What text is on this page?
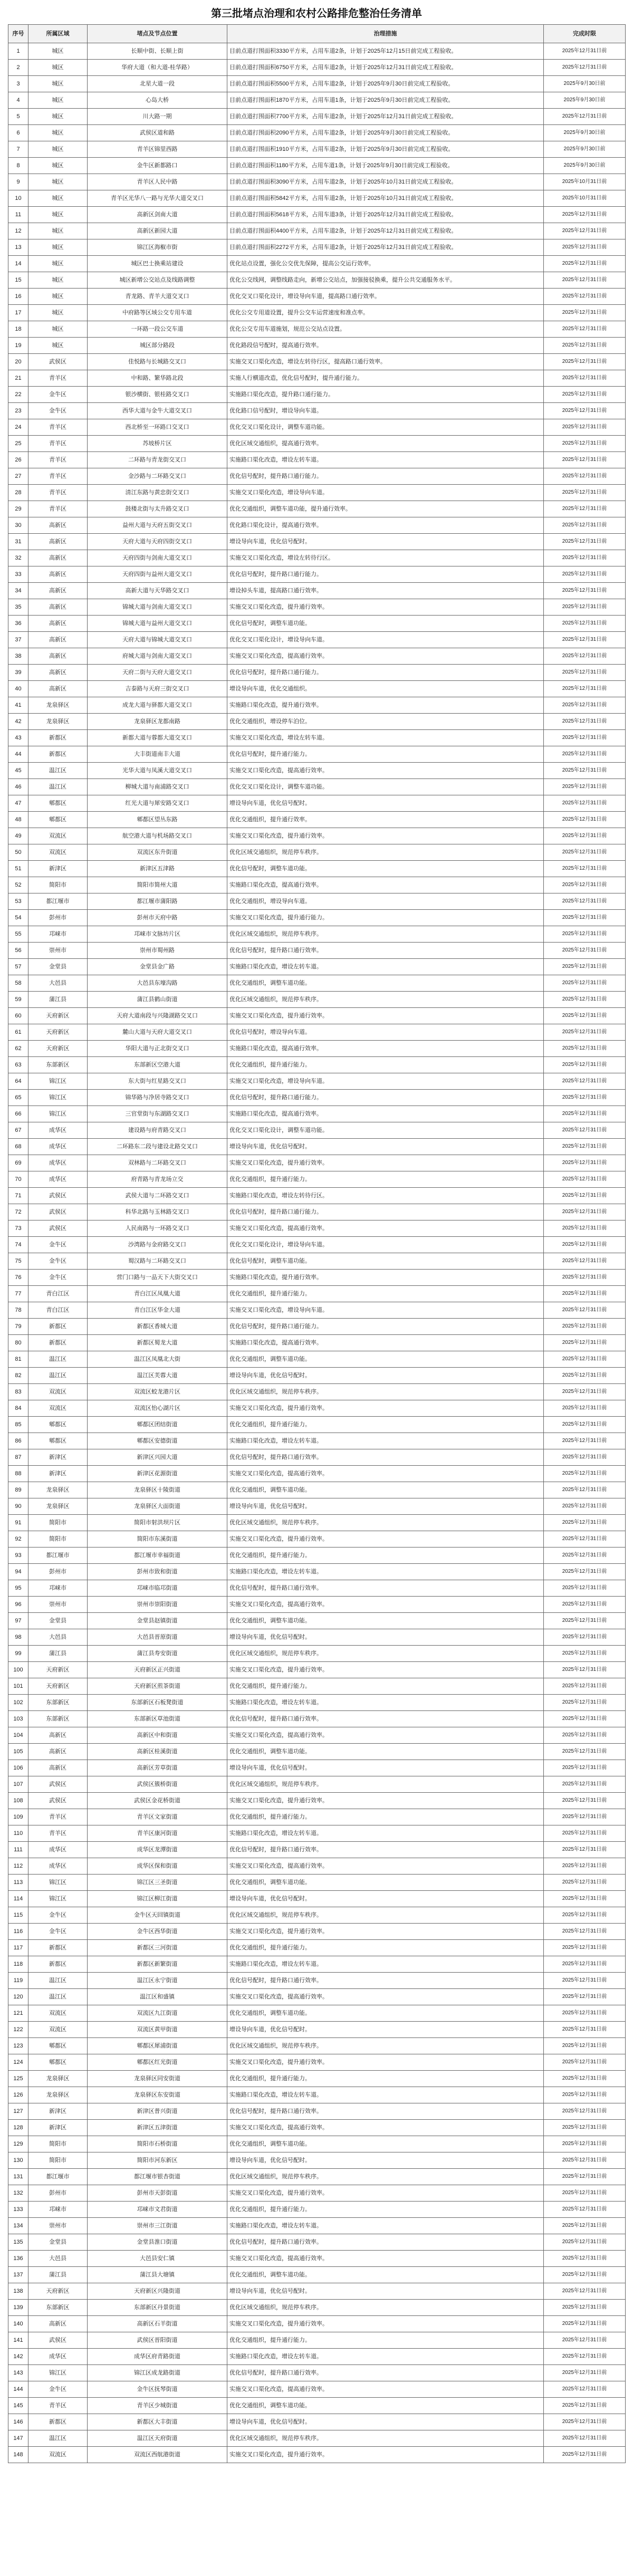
第三批堵点治理和农村公路排危整治任务清单
序号	所属区域	堵点及节点位置	治理措施	完成时限
1	城区	长顺中街、长顺上街	目前点道打围面积3330平方米，占用车道2条，计划于2025年12月15日前完成工程验收。	2025年12月31日前
2	城区	华府大道（和大道-桂华路）	目前点道打围面积6750平方米，占用车道2条，计划于2025年12月31日前完成工程验收。	2025年12月31日前
3	城区	北星大道一段	目前点道打围面积5500平方米，占用车道2条，计划于2025年9月30日前完成工程验收。	2025年9月30日前
4	城区	心岛大桥	目前点道打围面积1870平方米，占用车道1条，计划于2025年9月30日前完成工程验收。	2025年9月30日前
5	城区	川大路一期	目前点道打围面积7700平方米，占用车道2条，计划于2025年12月31日前完成工程验收。	2025年12月31日前
6	城区	武侯区道和路	目前点道打围面积2090平方米，占用车道2条，计划于2025年9月30日前完成工程验收。	2025年9月30日前
7	城区	青羊区锦里西路	目前点道打围面积1910平方米，占用车道2条，计划于2025年9月30日前完成工程验收。	2025年9月30日前
8	城区	金牛区新都路口	目前点道打围面积1180平方米，占用车道1条，计划于2025年9月30日前完成工程验收。	2025年9月30日前
9	城区	青羊区人民中路	目前点道打围面积3090平方米，占用车道2条，计划于2025年10月31日前完成工程验收。	2025年10月31日前
10	城区	青羊区光华八一路与光华大道交叉口	目前点道打围面积5842平方米，占用车道2条，计划于2025年10月31日前完成工程验收。	2025年10月31日前
11	城区	高新区剑南大道	目前点道打围面积5618平方米，占用车道3条，计划于2025年12月31日前完成工程验收。	2025年12月31日前
12	城区	高新区新园大道	目前点道打围面积4400平方米，占用车道2条，计划于2025年12月31日前完成工程验收。	2025年12月31日前
13	城区	锦江区海椒市街	目前点道打围面积2272平方米，占用车道2条，计划于2025年12月31日前完成工程验收。	2025年12月31日前
14	城区	城区巴士换乘站建设	优化站点设置，强化公交优先保障，提高公交运行效率。	2025年12月31日前
15	城区	城区新增公交站点及线路调整	优化公交线网，调整线路走向，新增公交站点，加强接驳换乘，提升公共交通服务水平。	2025年12月31日前
16	城区	青龙路、青羊大道交叉口	优化交叉口渠化设计，增设导向车道，提高路口通行效率。	2025年12月31日前
17	城区	中府路等区域公交专用车道	优化公交专用道设置，提升公交车运营速度和准点率。	2025年12月31日前
18	城区	一环路一段公交车道	优化公交专用车道施划，规范公交站点设置。	2025年12月31日前
19	城区	城区部分路段	优化路段信号配时，提高通行效率。	2025年12月31日前
20	武侯区	佳悦路与长城路交叉口	实施交叉口渠化改造，增设左转待行区，提高路口通行效率。	2025年12月31日前
21	青羊区	中和路、繁华路北段	实施人行横道改造，优化信号配时，提升通行能力。	2025年12月31日前
22	金牛区	银沙横街、银桂路交叉口	实施路口渠化改造，提升路口通行能力。	2025年12月31日前
23	金牛区	西华大道与金牛大道交叉口	优化路口信号配时，增设导向车道。	2025年12月31日前
24	青羊区	西北桥至一环路口交叉口	优化交叉口渠化设计，调整车道功能。	2025年12月31日前
25	青羊区	苏坡桥片区	优化区域交通组织，提高通行效率。	2025年12月31日前
26	青羊区	二环路与青龙街交叉口	实施路口渠化改造，增设左转车道。	2025年12月31日前
27	青羊区	金沙路与二环路交叉口	优化信号配时，提升路口通行能力。	2025年12月31日前
28	青羊区	清江东路与黄忠街交叉口	实施交叉口渠化改造，增设导向车道。	2025年12月31日前
29	青羊区	鼓楼北街与太升路交叉口	优化交通组织，调整车道功能，提升通行效率。	2025年12月31日前
30	高新区	益州大道与天府五街交叉口	优化路口渠化设计，提高通行效率。	2025年12月31日前
31	高新区	天府大道与天府四街交叉口	增设导向车道，优化信号配时。	2025年12月31日前
32	高新区	天府四街与剑南大道交叉口	实施交叉口渠化改造，增设左转待行区。	2025年12月31日前
33	高新区	天府四街与益州大道交叉口	优化信号配时，提升路口通行能力。	2025年12月31日前
34	高新区	高新大道与天华路交叉口	增设掉头车道，提高路口通行效率。	2025年12月31日前
35	高新区	锦城大道与剑南大道交叉口	实施交叉口渠化改造，提升通行效率。	2025年12月31日前
36	高新区	锦城大道与益州大道交叉口	优化信号配时，调整车道功能。	2025年12月31日前
37	高新区	天府大道与锦城大道交叉口	优化交叉口渠化设计，增设导向车道。	2025年12月31日前
38	高新区	府城大道与剑南大道交叉口	实施交叉口渠化改造，提高通行效率。	2025年12月31日前
39	高新区	天府二街与天府大道交叉口	优化信号配时，提升路口通行能力。	2025年12月31日前
40	高新区	吉泰路与天府三街交叉口	增设导向车道，优化交通组织。	2025年12月31日前
41	龙泉驿区	成龙大道与驿都大道交叉口	实施路口渠化改造，提升通行效率。	2025年12月31日前
42	龙泉驿区	龙泉驿区龙都南路	优化交通组织，增设停车泊位。	2025年12月31日前
43	新都区	新都大道与蓉都大道交叉口	实施交叉口渠化改造，增设左转车道。	2025年12月31日前
44	新都区	大丰街道南丰大道	优化信号配时，提升通行能力。	2025年12月31日前
45	温江区	光华大道与凤溪大道交叉口	实施交叉口渠化改造，提高通行效率。	2025年12月31日前
46	温江区	柳城大道与南浦路交叉口	优化交叉口渠化设计，调整车道功能。	2025年12月31日前
47	郫都区	红光大道与犀安路交叉口	增设导向车道，优化信号配时。	2025年12月31日前
48	郫都区	郫都区望丛东路	优化交通组织，提升通行效率。	2025年12月31日前
49	双流区	航空港大道与机场路交叉口	实施交叉口渠化改造，提升通行效率。	2025年12月31日前
50	双流区	双流区东升街道	优化区域交通组织，规范停车秩序。	2025年12月31日前
51	新津区	新津区五津路	优化信号配时，调整车道功能。	2025年12月31日前
52	简阳市	简阳市简州大道	实施路口渠化改造，提高通行效率。	2025年12月31日前
53	都江堰市	都江堰市蒲阳路	优化交通组织，增设导向车道。	2025年12月31日前
54	彭州市	彭州市天府中路	实施交叉口渠化改造，提升通行能力。	2025年12月31日前
55	邛崃市	邛崃市文脉坊片区	优化区域交通组织，规范停车秩序。	2025年12月31日前
56	崇州市	崇州市蜀州路	优化信号配时，提升路口通行效率。	2025年12月31日前
57	金堂县	金堂县金广路	实施路口渠化改造，增设左转车道。	2025年12月31日前
58	大邑县	大邑县东壕沟路	优化交通组织，调整车道功能。	2025年12月31日前
59	蒲江县	蒲江县鹤山街道	优化区域交通组织，规范停车秩序。	2025年12月31日前
60	天府新区	天府大道南段与兴隆湖路交叉口	实施交叉口渠化改造，提升通行效率。	2025年12月31日前
61	天府新区	麓山大道与天府大道交叉口	优化信号配时，增设导向车道。	2025年12月31日前
62	天府新区	华阳大道与正北街交叉口	实施路口渠化改造，提高通行效率。	2025年12月31日前
63	东部新区	东部新区空港大道	优化交通组织，提升通行能力。	2025年12月31日前
64	锦江区	东大街与红星路交叉口	实施交叉口渠化改造，增设导向车道。	2025年12月31日前
65	锦江区	锦华路与净居寺路交叉口	优化信号配时，提升路口通行能力。	2025年12月31日前
66	锦江区	三官堂街与东湖路交叉口	实施路口渠化改造，提高通行效率。	2025年12月31日前
67	成华区	建设路与府青路交叉口	优化交叉口渠化设计，调整车道功能。	2025年12月31日前
68	成华区	二环路东二段与建设北路交叉口	增设导向车道，优化信号配时。	2025年12月31日前
69	成华区	双林路与二环路交叉口	实施交叉口渠化改造，提升通行效率。	2025年12月31日前
70	成华区	府青路与青龙场立交	优化交通组织，提升通行能力。	2025年12月31日前
71	武侯区	武侯大道与二环路交叉口	实施路口渠化改造，增设左转待行区。	2025年12月31日前
72	武侯区	科华北路与玉林路交叉口	优化信号配时，提升路口通行能力。	2025年12月31日前
73	武侯区	人民南路与一环路交叉口	实施交叉口渠化改造，提高通行效率。	2025年12月31日前
74	金牛区	沙湾路与金府路交叉口	优化交叉口渠化设计，增设导向车道。	2025年12月31日前
75	金牛区	蜀汉路与二环路交叉口	优化信号配时，调整车道功能。	2025年12月31日前
76	金牛区	营门口路与一品天下大街交叉口	实施路口渠化改造，提升通行效率。	2025年12月31日前
77	青白江区	青白江区凤凰大道	优化交通组织，提升通行能力。	2025年12月31日前
78	青白江区	青白江区华金大道	实施交叉口渠化改造，增设导向车道。	2025年12月31日前
79	新都区	新都区香城大道	优化信号配时，提升路口通行能力。	2025年12月31日前
80	新都区	新都区蜀龙大道	实施路口渠化改造，提高通行效率。	2025年12月31日前
81	温江区	温江区凤凰北大街	优化交通组织，调整车道功能。	2025年12月31日前
82	温江区	温江区芙蓉大道	增设导向车道，优化信号配时。	2025年12月31日前
83	双流区	双流区蛟龙港片区	优化区域交通组织，规范停车秩序。	2025年12月31日前
84	双流区	双流区怡心湖片区	实施交叉口渠化改造，提升通行效率。	2025年12月31日前
85	郫都区	郫都区团结街道	优化交通组织，提升通行能力。	2025年12月31日前
86	郫都区	郫都区安德街道	实施路口渠化改造，增设左转车道。	2025年12月31日前
87	新津区	新津区兴园大道	优化信号配时，提升路口通行效率。	2025年12月31日前
88	新津区	新津区花源街道	实施交叉口渠化改造，提高通行效率。	2025年12月31日前
89	龙泉驿区	龙泉驿区十陵街道	优化交通组织，调整车道功能。	2025年12月31日前
90	龙泉驿区	龙泉驿区大面街道	增设导向车道，优化信号配时。	2025年12月31日前
91	简阳市	简阳市射洪坝片区	优化区域交通组织，规范停车秩序。	2025年12月31日前
92	简阳市	简阳市东溪街道	实施交叉口渠化改造，提升通行效率。	2025年12月31日前
93	都江堰市	都江堰市幸福街道	优化交通组织，提升通行能力。	2025年12月31日前
94	彭州市	彭州市致和街道	实施路口渠化改造，增设左转车道。	2025年12月31日前
95	邛崃市	邛崃市临邛街道	优化信号配时，提升路口通行效率。	2025年12月31日前
96	崇州市	崇州市崇阳街道	实施交叉口渠化改造，提高通行效率。	2025年12月31日前
97	金堂县	金堂县赵镇街道	优化交通组织，调整车道功能。	2025年12月31日前
98	大邑县	大邑县晋原街道	增设导向车道，优化信号配时。	2025年12月31日前
99	蒲江县	蒲江县寿安街道	优化区域交通组织，规范停车秩序。	2025年12月31日前
100	天府新区	天府新区正兴街道	实施交叉口渠化改造，提升通行效率。	2025年12月31日前
101	天府新区	天府新区煎茶街道	优化交通组织，提升通行能力。	2025年12月31日前
102	东部新区	东部新区石板凳街道	实施路口渠化改造，增设左转车道。	2025年12月31日前
103	东部新区	东部新区草池街道	优化信号配时，提升路口通行效率。	2025年12月31日前
104	高新区	高新区中和街道	实施交叉口渠化改造，提高通行效率。	2025年12月31日前
105	高新区	高新区桂溪街道	优化交通组织，调整车道功能。	2025年12月31日前
106	高新区	高新区芳草街道	增设导向车道，优化信号配时。	2025年12月31日前
107	武侯区	武侯区簇桥街道	优化区域交通组织，规范停车秩序。	2025年12月31日前
108	武侯区	武侯区金花桥街道	实施交叉口渠化改造，提升通行效率。	2025年12月31日前
109	青羊区	青羊区文家街道	优化交通组织，提升通行能力。	2025年12月31日前
110	青羊区	青羊区康河街道	实施路口渠化改造，增设左转车道。	2025年12月31日前
111	成华区	成华区龙潭街道	优化信号配时，提升路口通行效率。	2025年12月31日前
112	成华区	成华区保和街道	实施交叉口渠化改造，提高通行效率。	2025年12月31日前
113	锦江区	锦江区三圣街道	优化交通组织，调整车道功能。	2025年12月31日前
114	锦江区	锦江区柳江街道	增设导向车道，优化信号配时。	2025年12月31日前
115	金牛区	金牛区天回镇街道	优化区域交通组织，规范停车秩序。	2025年12月31日前
116	金牛区	金牛区西华街道	实施交叉口渠化改造，提升通行效率。	2025年12月31日前
117	新都区	新都区三河街道	优化交通组织，提升通行能力。	2025年12月31日前
118	新都区	新都区新繁街道	实施路口渠化改造，增设左转车道。	2025年12月31日前
119	温江区	温江区永宁街道	优化信号配时，提升路口通行效率。	2025年12月31日前
120	温江区	温江区和盛镇	实施交叉口渠化改造，提高通行效率。	2025年12月31日前
121	双流区	双流区九江街道	优化交通组织，调整车道功能。	2025年12月31日前
122	双流区	双流区黄甲街道	增设导向车道，优化信号配时。	2025年12月31日前
123	郫都区	郫都区犀浦街道	优化区域交通组织，规范停车秩序。	2025年12月31日前
124	郫都区	郫都区红光街道	实施交叉口渠化改造，提升通行效率。	2025年12月31日前
125	龙泉驿区	龙泉驿区同安街道	优化交通组织，提升通行能力。	2025年12月31日前
126	龙泉驿区	龙泉驿区东安街道	实施路口渠化改造，增设左转车道。	2025年12月31日前
127	新津区	新津区普兴街道	优化信号配时，提升路口通行效率。	2025年12月31日前
128	新津区	新津区五津街道	实施交叉口渠化改造，提高通行效率。	2025年12月31日前
129	简阳市	简阳市石桥街道	优化交通组织，调整车道功能。	2025年12月31日前
130	简阳市	简阳市河东新区	增设导向车道，优化信号配时。	2025年12月31日前
131	都江堰市	都江堰市银杏街道	优化区域交通组织，规范停车秩序。	2025年12月31日前
132	彭州市	彭州市天彭街道	实施交叉口渠化改造，提升通行效率。	2025年12月31日前
133	邛崃市	邛崃市文君街道	优化交通组织，提升通行能力。	2025年12月31日前
134	崇州市	崇州市三江街道	实施路口渠化改造，增设左转车道。	2025年12月31日前
135	金堂县	金堂县淮口街道	优化信号配时，提升路口通行效率。	2025年12月31日前
136	大邑县	大邑县安仁镇	实施交叉口渠化改造，提高通行效率。	2025年12月31日前
137	蒲江县	蒲江县大塘镇	优化交通组织，调整车道功能。	2025年12月31日前
138	天府新区	天府新区兴隆街道	增设导向车道，优化信号配时。	2025年12月31日前
139	东部新区	东部新区丹景街道	优化区域交通组织，规范停车秩序。	2025年12月31日前
140	高新区	高新区石羊街道	实施交叉口渠化改造，提升通行效率。	2025年12月31日前
141	武侯区	武侯区晋阳街道	优化交通组织，提升通行能力。	2025年12月31日前
142	成华区	成华区府青路街道	实施路口渠化改造，增设左转车道。	2025年12月31日前
143	锦江区	锦江区成龙路街道	优化信号配时，提升路口通行效率。	2025年12月31日前
144	金牛区	金牛区抚琴街道	实施交叉口渠化改造，提高通行效率。	2025年12月31日前
145	青羊区	青羊区少城街道	优化交通组织，调整车道功能。	2025年12月31日前
146	新都区	新都区大丰街道	增设导向车道，优化信号配时。	2025年12月31日前
147	温江区	温江区天府街道	优化区域交通组织，规范停车秩序。	2025年12月31日前
148	双流区	双流区西航港街道	实施交叉口渠化改造，提升通行效率。	2025年12月31日前
